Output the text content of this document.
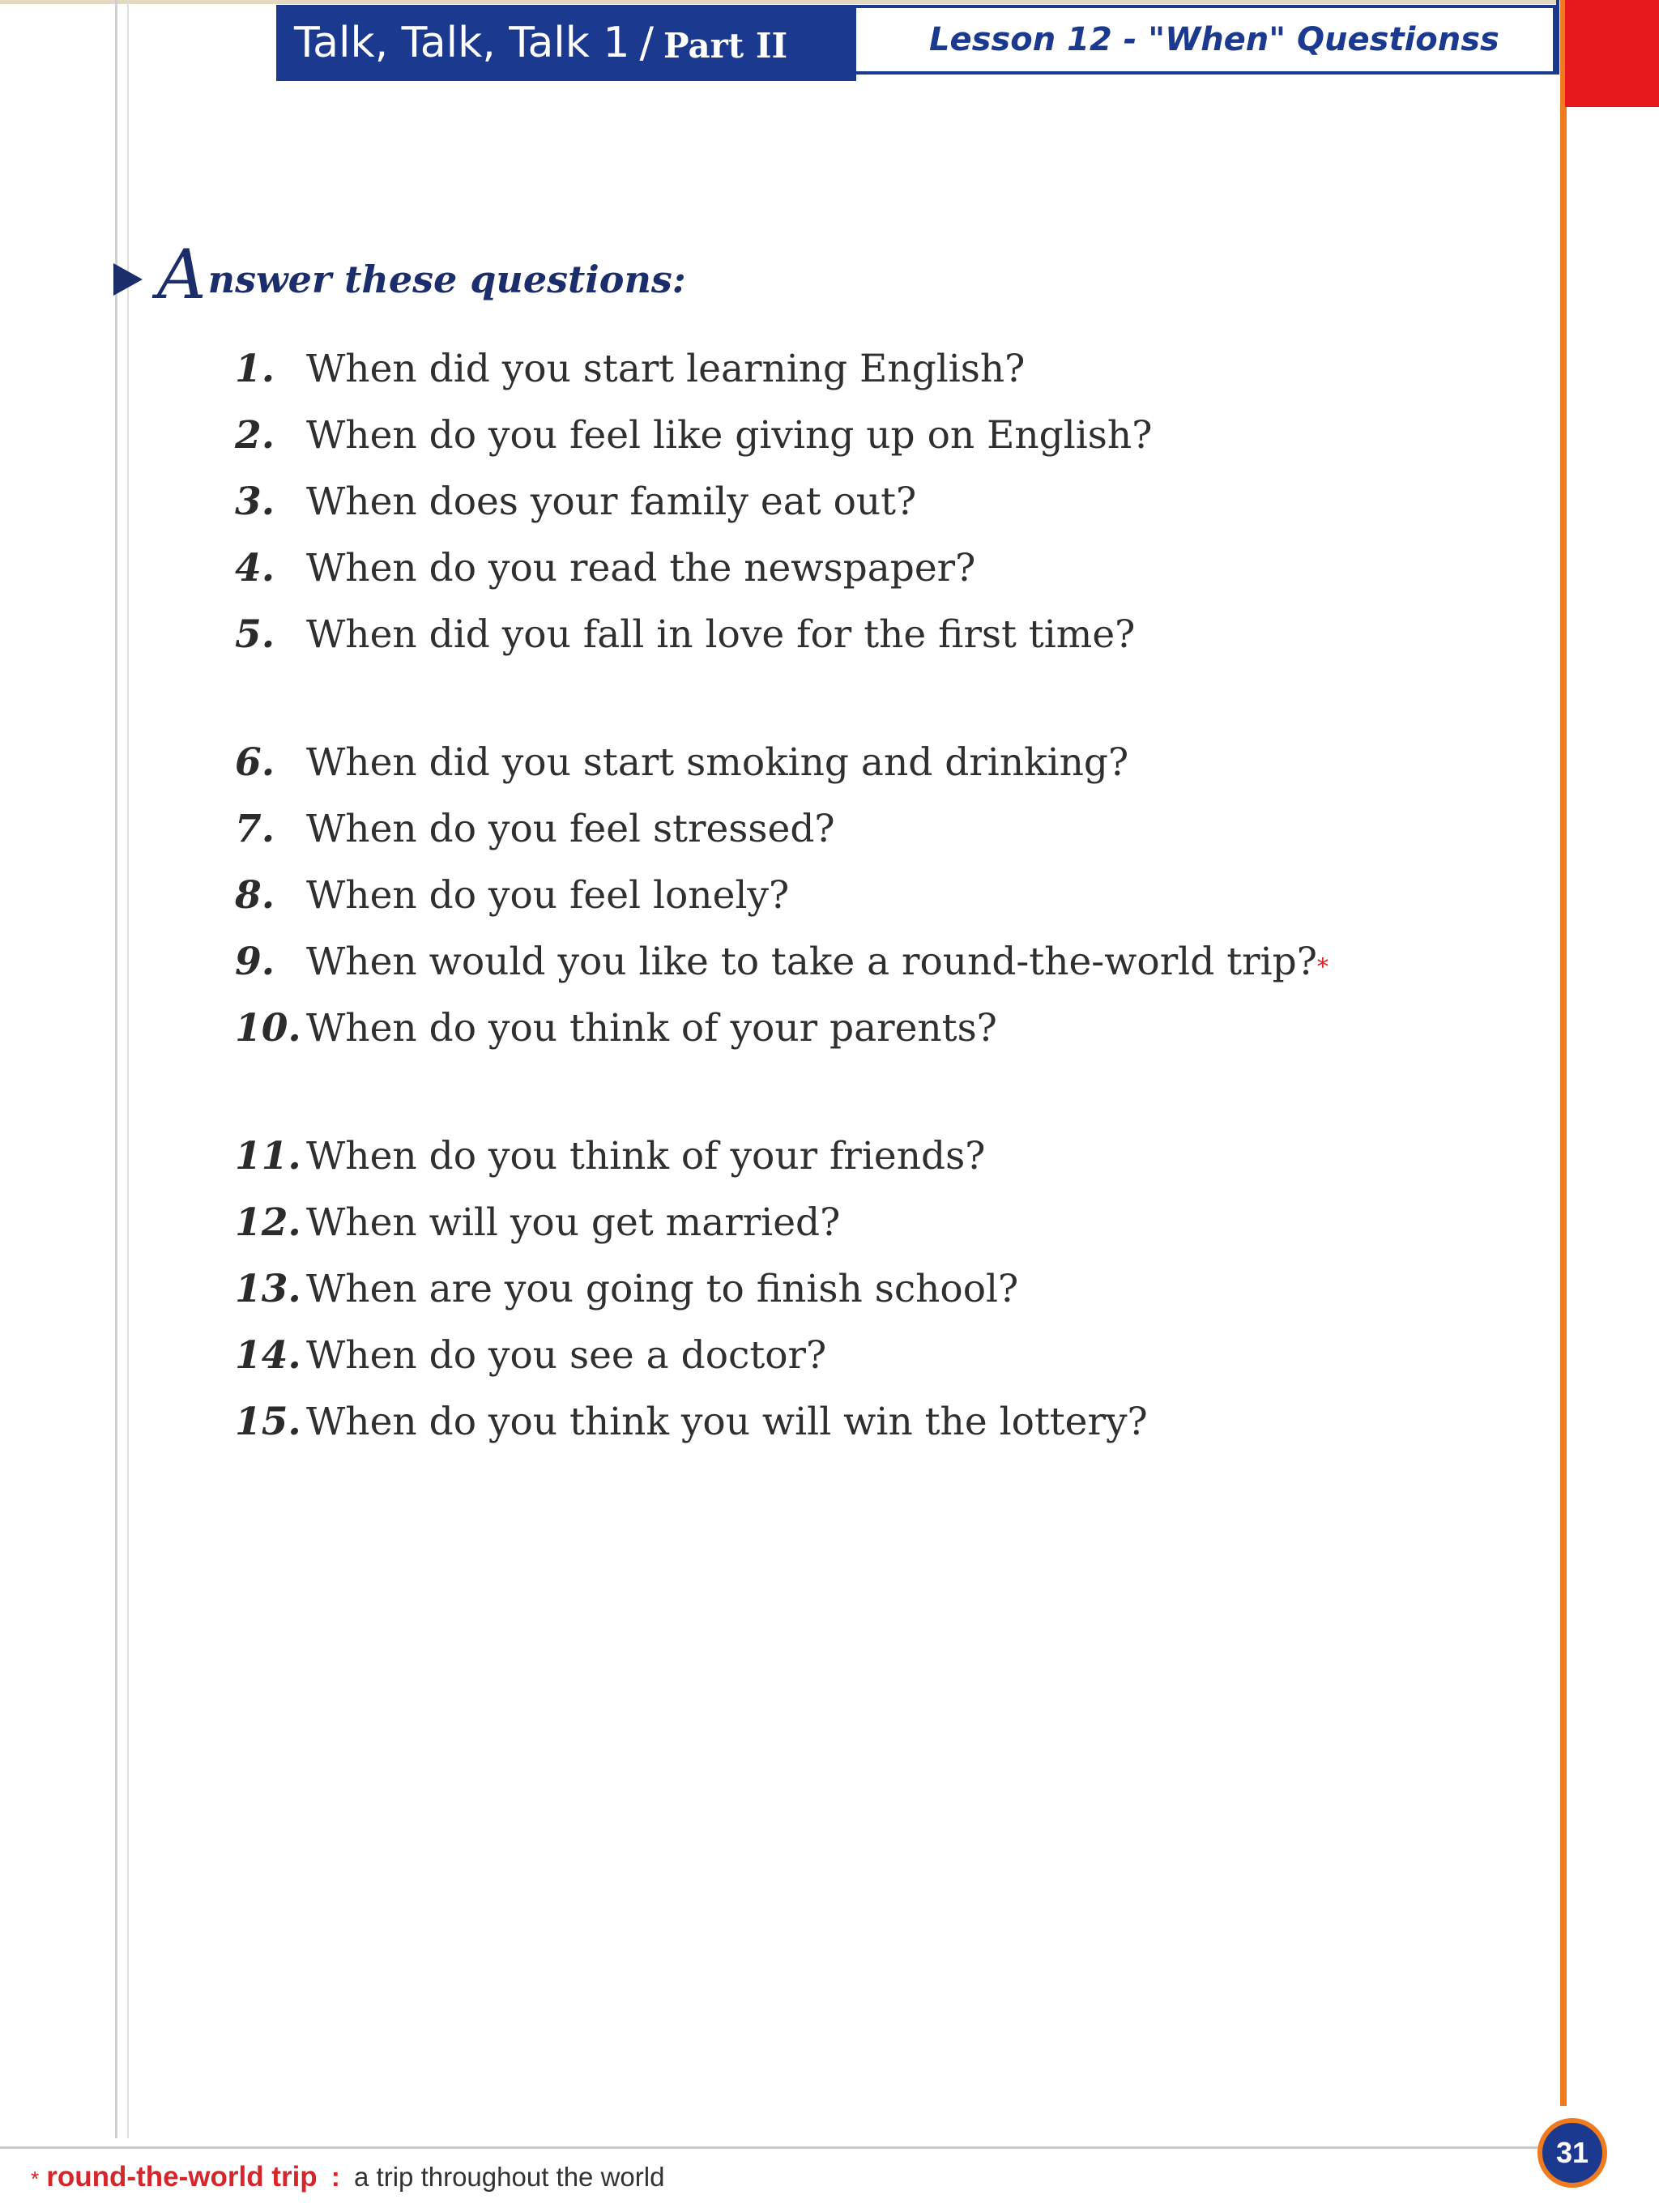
Talk, Talk, Talk 1 / Part II	Lesson 12 - "When" Questionss
A nswer these questions:
1. When did you start learning English?
2. When do you feel like giving up on English?
3. When does your family eat out?
4. When do you read the newspaper?
5. When did you fall in love for the first time?
6. When did you start smoking and drinking?
7. When do you feel stressed?
8. When do you feel lonely?
9. When would you like to take a round-the-world trip? *
10. When do you think of your parents?
11. When do you think of your friends?
12. When will you get married?
13. When are you going to finish school?
14. When do you see a doctor?
15. When do you think you will win the lottery?
* round-the-world trip : a trip throughout the world
31
